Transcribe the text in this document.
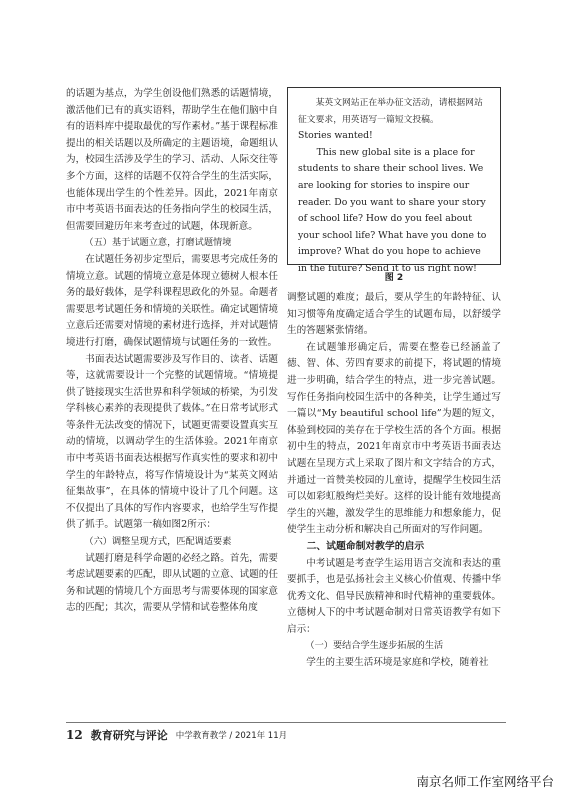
的话题为基点，为学生创设他们熟悉的话题情境，激活他们已有的真实语料，帮助学生在他们脑中自有的语料库中提取最优的写作素材。”基于课程标准提出的相关话题以及所确定的主题语境，命题组认为，校园生活涉及学生的学习、活动、人际交往等多个方面，这样的话题不仅符合学生的生活实际，也能体现出学生的个性差异。因此，2021年南京市中考英语书面表达的任务指向学生的校园生活，但需要回避历年来考查过的试题，体现新意。

（五）基于试题立意，打磨试题情境

在试题任务初步定型后，需要思考完成任务的情境立意。试题的情境立意是体现立德树人根本任务的最好载体，是学科课程思政化的外显。命题者需要思考试题任务和情境的关联性。确定试题情境立意后还需要对情境的素材进行选择，并对试题情境进行打磨，确保试题情境与试题任务的一致性。

书面表达试题需要涉及写作目的、读者、话题等，这就需要设计一个完整的试题情境。“情境提供了链接现实生活世界和科学领域的桥梁，为引发学科核心素养的表现提供了载体。”在日常考试形式等条件无法改变的情况下，试题更需要设置真实互动的情境，以调动学生的生活体验。2021年南京市中考英语书面表达根据写作真实性的要求和初中学生的年龄特点，将写作情境设计为“某英文网站征集故事”，在具体的情境中设计了几个问题。这不仅提出了具体的写作内容要求，也给学生写作提供了抓手。试题第一稿如图2所示：

（六）调整呈现方式，匹配调适要素

试题打磨是科学命题的必经之路。首先，需要考虑试题要素的匹配，即从试题的立意、试题的任务和试题的情境几个方面思考与需要体现的国家意志的匹配；其次，需要从学情和试卷整体角度

某英文网站正在举办征文活动，请根据网站征文要求，用英语写一篇短文投稿。

Stories wanted!

This new global site is a place for students to share their school lives. We are looking for stories to inspire our reader. Do you want to share your story of school life? How do you feel about your school life? What have you done to improve? What do you hope to achieve in the future? Send it to us right now!

图 2

调整试题的难度；最后，要从学生的年龄特征、认知习惯等角度确定适合学生的试题布局，以舒缓学生的答题紧张情绪。

在试题雏形确定后，需要在整卷已经涵盖了德、智、体、劳四育要求的前提下，将试题的情境进一步明确，结合学生的特点，进一步完善试题。写作任务指向校园生活中的各种美，让学生通过写一篇以“My beautiful school life”为题的短文，体验到校园的美存在于学校生活的各个方面。根据初中生的特点，2021年南京市中考英语书面表达试题在呈现方式上采取了图片和文字结合的方式，并通过一首赞美校园的儿童诗，提醒学生校园生活可以如彩虹般绚烂美好。这样的设计能有效地提高学生的兴趣，激发学生的思维能力和想象能力，促使学生主动分析和解决自己所面对的写作问题。

二、试题命制对教学的启示

中考试题是考查学生运用语言交流和表达的重要抓手，也是弘扬社会主义核心价值观、传播中华优秀文化、倡导民族精神和时代精神的重要载体。立德树人下的中考试题命制对日常英语教学有如下启示：

（一）要结合学生逐步拓展的生活

学生的主要生活环境是家庭和学校，随着社

12 教育研究与评论 中学教育教学 / 2021年 11月
南京名师工作室网络平台
